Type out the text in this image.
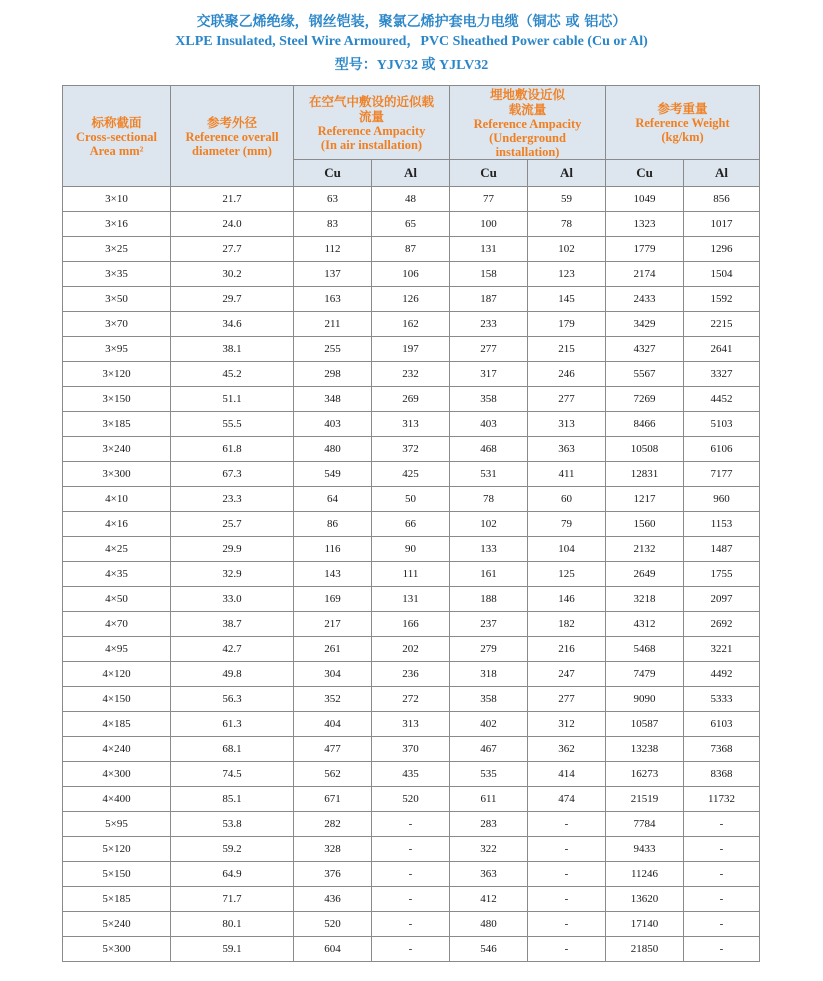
交联聚乙烯绝缘，钢丝铠装，聚氯乙烯护套电力电缆（铜芯 或 铝芯）
XLPE Insulated, Steel Wire Armoured，PVC Sheathed Power cable (Cu or Al)
型号：YJV32 或 YJLV32
标称截面
Cross-sectional
Area mm²	参考外径
Reference overall
diameter (mm)	在空气中敷设的近似载
流量
Reference Ampacity
(In air installation)		埋地敷设近似
载流量
Reference Ampacity
(Underground
installation)		参考重量
Reference Weight
(kg/km)	

		Cu	Al	Cu	Al	Cu	Al
3×10	21.7	63	48	77	59	1049	856
3×16	24.0	83	65	100	78	1323	1017
3×25	27.7	112	87	131	102	1779	1296
3×35	30.2	137	106	158	123	2174	1504
3×50	29.7	163	126	187	145	2433	1592
3×70	34.6	211	162	233	179	3429	2215
3×95	38.1	255	197	277	215	4327	2641
3×120	45.2	298	232	317	246	5567	3327
3×150	51.1	348	269	358	277	7269	4452
3×185	55.5	403	313	403	313	8466	5103
3×240	61.8	480	372	468	363	10508	6106
3×300	67.3	549	425	531	411	12831	7177
4×10	23.3	64	50	78	60	1217	960
4×16	25.7	86	66	102	79	1560	1153
4×25	29.9	116	90	133	104	2132	1487
4×35	32.9	143	111	161	125	2649	1755
4×50	33.0	169	131	188	146	3218	2097
4×70	38.7	217	166	237	182	4312	2692
4×95	42.7	261	202	279	216	5468	3221
4×120	49.8	304	236	318	247	7479	4492
4×150	56.3	352	272	358	277	9090	5333
4×185	61.3	404	313	402	312	10587	6103
4×240	68.1	477	370	467	362	13238	7368
4×300	74.5	562	435	535	414	16273	8368
4×400	85.1	671	520	611	474	21519	11732
5×95	53.8	282	-	283	-	7784	-
5×120	59.2	328	-	322	-	9433	-
5×150	64.9	376	-	363	-	11246	-
5×185	71.7	436	-	412	-	13620	-
5×240	80.1	520	-	480	-	17140	-
5×300	59.1	604	-	546	-	21850	-
